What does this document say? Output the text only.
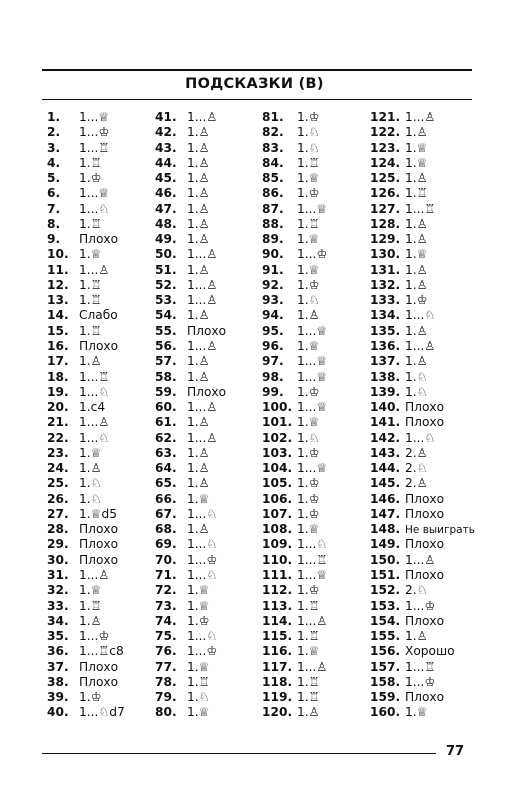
ПОДСКАЗКИ (В)
1. 1...♕
2. 1...♔
3. 1...♖
4. 1.♖
5. 1.♔
6. 1...♕
7. 1...♘
8. 1.♖
9. Плохо
10. 1.♕
11. 1...♙
12. 1.♖
13. 1.♖
14. Слабо
15. 1.♖
16. Плохо
17. 1.♙
18. 1...♖
19. 1...♘
20. 1.c4
21. 1...♙
22. 1...♘
23. 1.♕
24. 1.♙
25. 1.♘
26. 1.♘
27. 1.♕d5
28. Плохо
29. Плохо
30. Плохо
31. 1...♙
32. 1.♕
33. 1.♖
34. 1.♙
35. 1...♔
36. 1...♖c8
37. Плохо
38. Плохо
39. 1.♔
40. 1...♘d7
41. 1...♙
42. 1.♙
43. 1.♙
44. 1.♙
45. 1.♙
46. 1.♙
47. 1.♙
48. 1.♙
49. 1.♙
50. 1...♙
51. 1.♙
52. 1...♙
53. 1...♙
54. 1.♙
55. Плохо
56. 1...♙
57. 1.♙
58. 1.♙
59. Плохо
60. 1...♙
61. 1.♙
62. 1...♙
63. 1.♙
64. 1.♙
65. 1.♙
66. 1.♕
67. 1...♘
68. 1.♙
69. 1...♘
70. 1...♔
71. 1...♘
72. 1.♕
73. 1.♕
74. 1.♔
75. 1...♘
76. 1...♔
77. 1.♕
78. 1.♖
79. 1.♘
80. 1.♕
81. 1.♔
82. 1.♘
83. 1.♘
84. 1.♖
85. 1.♕
86. 1.♔
87. 1...♕
88. 1.♖
89. 1.♕
90. 1...♔
91. 1.♕
92. 1.♔
93. 1.♘
94. 1.♙
95. 1...♕
96. 1.♕
97. 1...♕
98. 1...♕
99. 1.♔
100. 1...♕
101. 1.♕
102. 1.♘
103. 1.♔
104. 1...♕
105. 1.♔
106. 1.♔
107. 1.♔
108. 1.♕
109. 1...♘
110. 1...♖
111. 1...♕
112. 1.♔
113. 1.♖
114. 1...♙
115. 1.♖
116. 1.♕
117. 1...♙
118. 1.♖
119. 1.♖
120. 1.♙
121. 1...♙
122. 1.♙
123. 1.♕
124. 1.♕
125. 1.♙
126. 1.♖
127. 1...♖
128. 1.♙
129. 1.♙
130. 1.♕
131. 1.♙
132. 1.♙
133. 1.♔
134. 1...♘
135. 1.♙
136. 1...♙
137. 1.♙
138. 1.♘
139. 1.♘
140. Плохо
141. Плохо
142. 1...♘
143. 2.♙
144. 2.♘
145. 2.♙
146. Плохо
147. Плохо
148. Не выиграть
149. Плохо
150. 1...♙
151. Плохо
152. 2.♘
153. 1...♔
154. Плохо
155. 1.♙
156. Хорошо
157. 1...♖
158. 1...♔
159. Плохо
160. 1.♕
77
